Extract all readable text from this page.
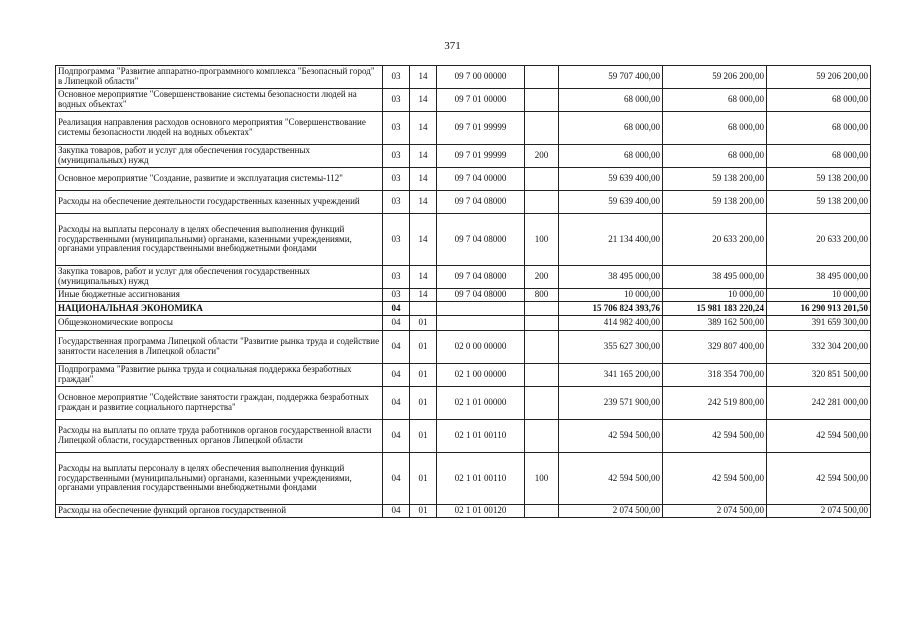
371
Подпрограмма "Развитие аппаратно-программного комплекса "Безопасный город" в Липецкой области"	03	14	09 7 00 00000		59 707 400,00	59 206 200,00	59 206 200,00
Основное мероприятие "Совершенствование системы безопасности людей на водных объектах"	03	14	09 7 01 00000		68 000,00	68 000,00	68 000,00
Реализация направления расходов основного мероприятия "Совершенствование системы безопасности людей на водных объектах"	03	14	09 7 01 99999		68 000,00	68 000,00	68 000,00
Закупка товаров, работ и услуг для обеспечения государственных (муниципальных) нужд	03	14	09 7 01 99999	200	68 000,00	68 000,00	68 000,00
Основное мероприятие "Создание, развитие и эксплуатация системы-112"	03	14	09 7 04 00000		59 639 400,00	59 138 200,00	59 138 200,00
Расходы на обеспечение деятельности государственных казенных учреждений	03	14	09 7 04 08000		59 639 400,00	59 138 200,00	59 138 200,00
Расходы на выплаты персоналу в целях обеспечения выполнения функций государственными (муниципальными) органами, казенными учреждениями, органами управления государственными внебюджетными фондами	03	14	09 7 04 08000	100	21 134 400,00	20 633 200,00	20 633 200,00
Закупка товаров, работ и услуг для обеспечения государственных (муниципальных) нужд	03	14	09 7 04 08000	200	38 495 000,00	38 495 000,00	38 495 000,00
Иные бюджетные ассигнования	03	14	09 7 04 08000	800	10 000,00	10 000,00	10 000,00
НАЦИОНАЛЬНАЯ ЭКОНОМИКА	04				15 706 824 393,76	15 981 183 220,24	16 290 913 201,50
Общеэкономические вопросы	04	01			414 982 400,00	389 162 500,00	391 659 300,00
Государственная программа Липецкой области "Развитие рынка труда и содействие занятости населения в Липецкой области"	04	01	02 0 00 00000		355 627 300,00	329 807 400,00	332 304 200,00
Подпрограмма "Развитие рынка труда и социальная поддержка безработных граждан"	04	01	02 1 00 00000		341 165 200,00	318 354 700,00	320 851 500,00
Основное мероприятие "Содействие занятости граждан, поддержка безработных граждан и развитие социального партнерства"	04	01	02 1 01 00000		239 571 900,00	242 519 800,00	242 281 000,00
Расходы на выплаты по оплате труда работников органов государственной власти Липецкой области, государственных органов Липецкой области	04	01	02 1 01 00110		42 594 500,00	42 594 500,00	42 594 500,00
Расходы на выплаты персоналу в целях обеспечения выполнения функций государственными (муниципальными) органами, казенными учреждениями, органами управления государственными внебюджетными фондами	04	01	02 1 01 00110	100	42 594 500,00	42 594 500,00	42 594 500,00
Расходы на обеспечение функций органов государственной	04	01	02 1 01 00120		2 074 500,00	2 074 500,00	2 074 500,00
